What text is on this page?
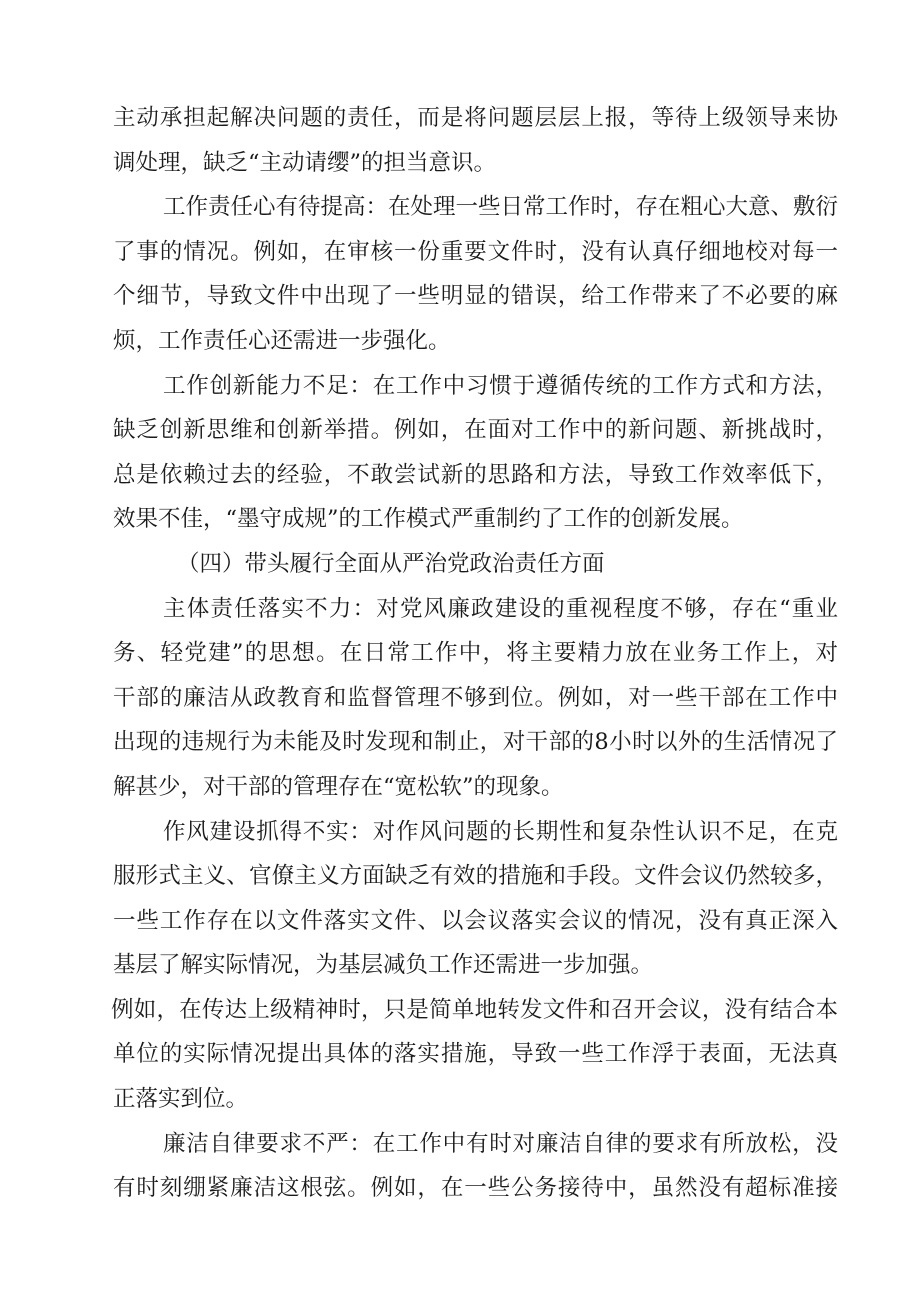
主动承担起解决问题的责任，而是将问题层层上报，等待上级领导来协
调处理，缺乏“主动请缨”的担当意识。
工作责任心有待提高：在处理一些日常工作时，存在粗心大意、敷衍
了事的情况。例如，在审核一份重要文件时，没有认真仔细地校对每一
个细节，导致文件中出现了一些明显的错误，给工作带来了不必要的麻
烦，工作责任心还需进一步强化。
工作创新能力不足：在工作中习惯于遵循传统的工作方式和方法，
缺乏创新思维和创新举措。例如，在面对工作中的新问题、新挑战时，
总是依赖过去的经验，不敢尝试新的思路和方法，导致工作效率低下，
效果不佳，“墨守成规”的工作模式严重制约了工作的创新发展。
（四）带头履行全面从严治党政治责任方面
主体责任落实不力：对党风廉政建设的重视程度不够，存在“重业
务、轻党建”的思想。在日常工作中，将主要精力放在业务工作上，对
干部的廉洁从政教育和监督管理不够到位。例如，对一些干部在工作中
出现的违规行为未能及时发现和制止，对干部的8小时以外的生活情况了
解甚少，对干部的管理存在“宽松软”的现象。
作风建设抓得不实：对作风问题的长期性和复杂性认识不足，在克
服形式主义、官僚主义方面缺乏有效的措施和手段。文件会议仍然较多，
一些工作存在以文件落实文件、以会议落实会议的情况，没有真正深入
基层了解实际情况，为基层减负工作还需进一步加强。
例如，在传达上级精神时，只是简单地转发文件和召开会议，没有结合本
单位的实际情况提出具体的落实措施，导致一些工作浮于表面，无法真
正落实到位。
廉洁自律要求不严：在工作中有时对廉洁自律的要求有所放松，没
有时刻绷紧廉洁这根弦。例如，在一些公务接待中，虽然没有超标准接
